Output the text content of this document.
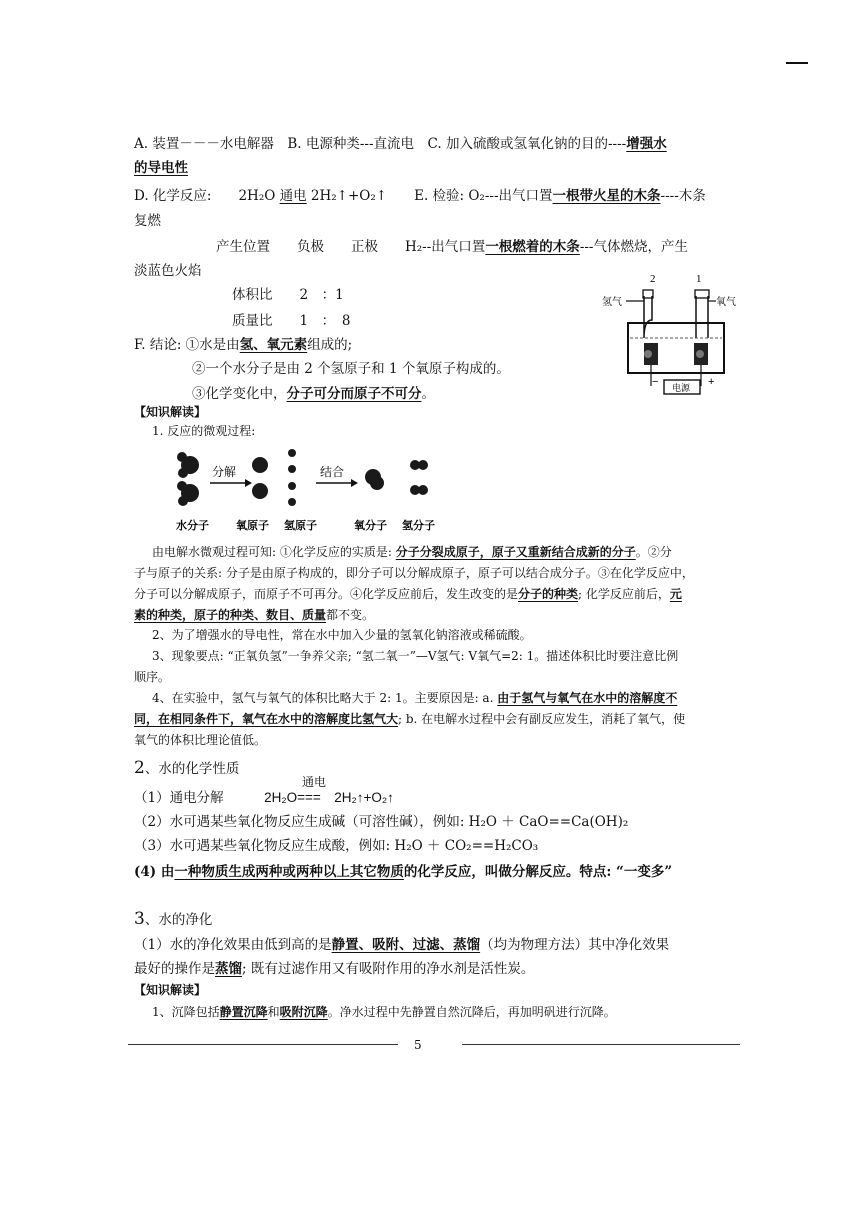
A. 装置－－－水电解器　B. 电源种类---直流电　C. 加入硫酸或氢氧化钠的目的----增强水
的导电性
D. 化学反应:　　2H₂O 通电 2H₂↑+O₂↑　　E. 检验: O₂---出气口置一根带火星的木条----木条
复燃
产生位置　　负极　　正极　　H₂--出气口置一根燃着的木条---气体燃烧，产生
淡蓝色火焰
体积比　　2　：1
质量比　　1　：　8
F. 结论: ①水是由氢、氧元素组成的;
②一个水分子是由 2 个氢原子和 1 个氧原子构成的。
③化学变化中，分子可分而原子不可分。
【知识解读】
1. 反应的微观过程:
2	1
氢气	氧气
−	+
电源
分解	结合
水分子 氧原子 氢原子	氧分子 氢分子
由电解水微观过程可知: ①化学反应的实质是: 分子分裂成原子，原子又重新结合成新的分子。②分
子与原子的关系: 分子是由原子构成的，即分子可以分解成原子，原子可以结合成分子。③在化学反应中，
分子可以分解成原子，而原子不可再分。④化学反应前后，发生改变的是分子的种类; 化学反应前后，元
素的种类，原子的种类、数目、质量都不变。
2、为了增强水的导电性，常在水中加入少量的氢氧化钠溶液或稀硫酸。
3、现象要点: “正氧负氢”一争养父亲; “氢二氧一”—V氢气: V氧气=2: 1。描述体积比时要注意比例
顺序。
4、在实验中，氢气与氧气的体积比略大于 2: 1。主要原因是: a. 由于氢气与氧气在水中的溶解度不
同，在相同条件下，氧气在水中的溶解度比氢气大; b. 在电解水过程中会有副反应发生，消耗了氧气，使
氧气的体积比理论值低。
2、水的化学性质
通电
（1）通电分解　　　2H₂O===　2H₂↑+O₂↑
（2）水可遇某些氧化物反应生成碱（可溶性碱），例如: H₂O ＋ CaO==Ca(OH)₂
（3）水可遇某些氧化物反应生成酸，例如: H₂O ＋ CO₂==H₂CO₃
(4) 由一种物质生成两种或两种以上其它物质的化学反应，叫做分解反应。特点: “一变多”
3、水的净化
（1）水的净化效果由低到高的是静置、吸附、过滤、蒸馏（均为物理方法）其中净化效果
最好的操作是蒸馏; 既有过滤作用又有吸附作用的净水剂是活性炭。
【知识解读】
1、沉降包括静置沉降和吸附沉降。净水过程中先静置自然沉降后，再加明矾进行沉降。
5
